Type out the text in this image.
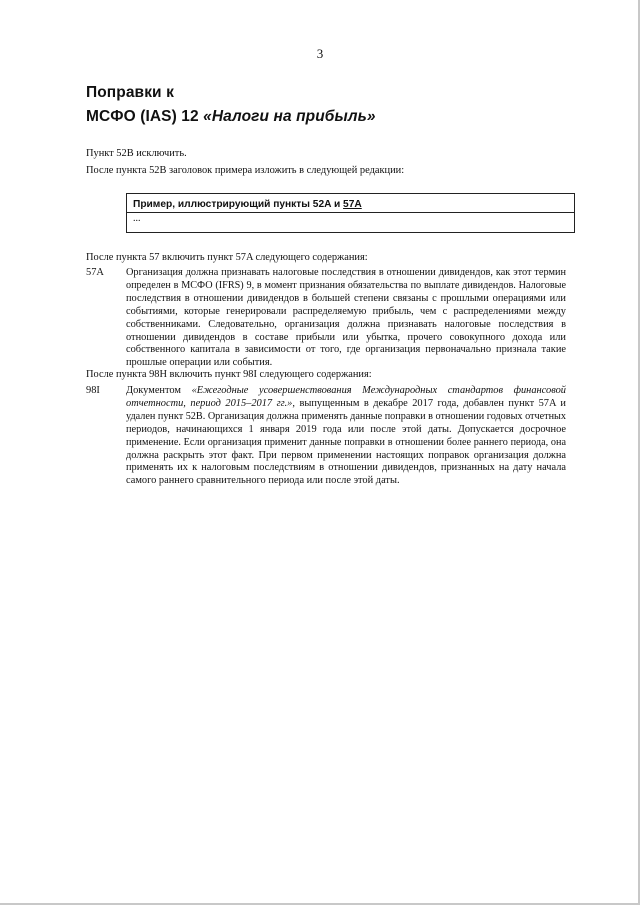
3
Поправки к
МСФО (IAS) 12 «Налоги на прибыль»
Пункт 52B исключить.
После пункта 52B заголовок примера изложить в следующей редакции:
Пример, иллюстрирующий пункты 52A и 57A
...
После пункта 57 включить пункт 57A следующего содержания:
57A Организация должна признавать налоговые последствия в отношении дивидендов, как этот термин
определен в МСФО (IFRS) 9, в момент признания обязательства по выплате дивидендов. Налоговые
последствия в отношении дивидендов в большей степени связаны с прошлыми операциями или
событиями, которые генерировали распределяемую прибыль, чем с распределениями между
собственниками. Следовательно, организация должна признавать налоговые последствия в
отношении дивидендов в составе прибыли или убытка, прочего совокупного дохода или
собственного капитала в зависимости от того, где организация первоначально признала такие
прошлые операции или события.
После пункта 98H включить пункт 98I следующего содержания:
98I	Документом «Ежегодные усовершенствования Международных стандартов финансовой
отчетности, период 2015–2017 гг.», выпущенным в декабре 2017 года, добавлен пункт 57A и
удален пункт 52B. Организация должна применять данные поправки в отношении годовых отчетных
периодов, начинающихся 1 января 2019 года или после этой даты. Допускается досрочное
применение. Если организация применит данные поправки в отношении более раннего периода, она
должна раскрыть этот факт. При первом применении настоящих поправок организация должна
применять их к налоговым последствиям в отношении дивидендов, признанных на дату начала
самого раннего сравнительного периода или после этой даты.
